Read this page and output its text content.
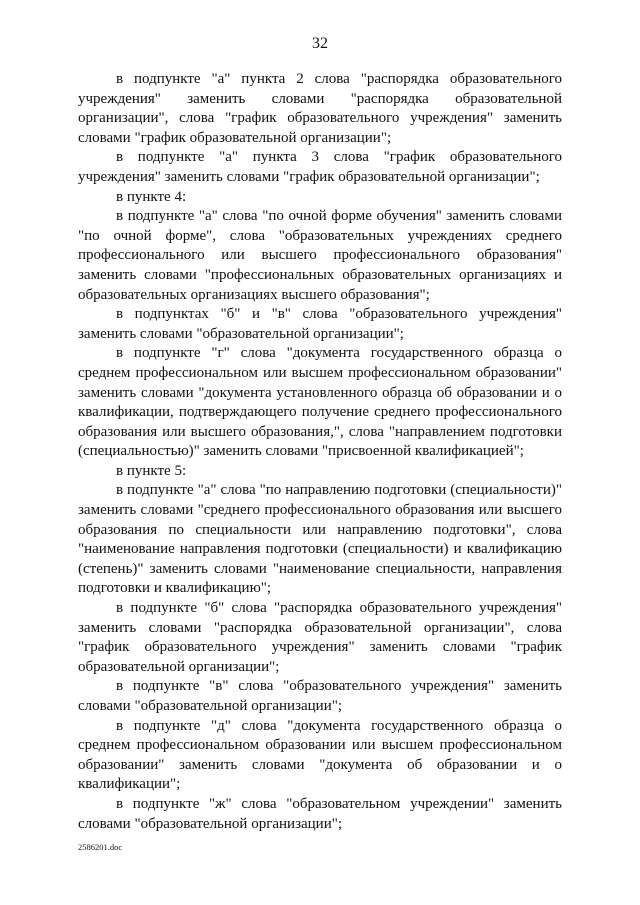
32

в подпункте "а" пункта 2 слова "распорядка образовательного учреждения" заменить словами "распорядка образовательной организации", слова "график образовательного учреждения" заменить словами "график образовательной организации";

в подпункте "а" пункта 3 слова "график образовательного учреждения" заменить словами "график образовательной организации";

в пункте 4:

в подпункте "а" слова "по очной форме обучения" заменить словами "по очной форме", слова "образовательных учреждениях среднего профессионального или высшего профессионального образования" заменить словами "профессиональных образовательных организациях и образовательных организациях высшего образования";

в подпунктах "б" и "в" слова "образовательного учреждения" заменить словами "образовательной организации";

в подпункте "г" слова "документа государственного образца о среднем профессиональном или высшем профессиональном образовании" заменить словами "документа установленного образца об образовании и о квалификации, подтверждающего получение среднего профессионального образования или высшего образования,", слова "направлением подготовки (специальностью)" заменить словами "присвоенной квалификацией";

в пункте 5:

в подпункте "а" слова "по направлению подготовки (специальности)" заменить словами "среднего профессионального образования или высшего образования по специальности или направлению подготовки", слова "наименование направления подготовки (специальности) и квалификацию (степень)" заменить словами "наименование специальности, направления подготовки и квалификацию";

в подпункте "б" слова "распорядка образовательного учреждения" заменить словами "распорядка образовательной организации", слова "график образовательного учреждения" заменить словами "график образовательной организации";

в подпункте "в" слова "образовательного учреждения" заменить словами "образовательной организации";

в подпункте "д" слова "документа государственного образца о среднем профессиональном образовании или высшем профессиональном образовании" заменить словами "документа об образовании и о квалификации";

в подпункте "ж" слова "образовательном учреждении" заменить словами "образовательной организации";

2586201.doc
